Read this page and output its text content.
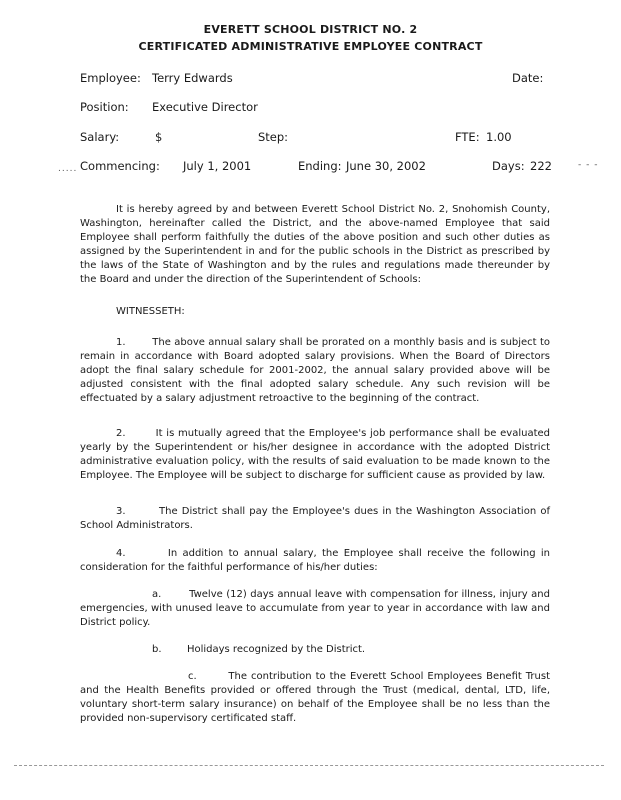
EVERETT SCHOOL DISTRICT NO. 2
CERTIFICATED ADMINISTRATIVE EMPLOYEE CONTRACT
Employee: Terry Edwards	Date:
Position: Executive Director
Salary:	$	Step:	FTE: 1.00
..... Commencing: July 1, 2001	Ending: June 30, 2002	Days: 222	- - -
It is hereby agreed by and between Everett School District No. 2, Snohomish County, Washington, hereinafter called the District, and the above-named Employee that said Employee shall perform faithfully the duties of the above position and such other duties as assigned by the Superintendent in and for the public schools in the District as prescribed by the laws of the State of Washington and by the rules and regulations made thereunder by the Board and under the direction of the Superintendent of Schools:
WITNESSETH:
1.        The above annual salary shall be prorated on a monthly basis and is subject to remain in accordance with Board adopted salary provisions. When the Board of Directors adopt the final salary schedule for 2001-2002, the annual salary provided above will be adjusted consistent with the final adopted salary schedule. Any such revision will be effectuated by a salary adjustment retroactive to the beginning of the contract.
2.        It is mutually agreed that the Employee's job performance shall be evaluated yearly by the Superintendent or his/her designee in accordance with the adopted District administrative evaluation policy, with the results of said evaluation to be made known to the Employee. The Employee will be subject to discharge for sufficient cause as provided by law.
3.        The District shall pay the Employee's dues in the Washington Association of School Administrators.
4.        In addition to annual salary, the Employee shall receive the following in consideration for the faithful performance of his/her duties:
a.        Twelve (12) days annual leave with compensation for illness, injury and emergencies, with unused leave to accumulate from year to year in accordance with law and District policy.
b.        Holidays recognized by the District.
c.        The contribution to the Everett School Employees Benefit Trust and the Health Benefits provided or offered through the Trust (medical, dental, LTD, life, voluntary short-term salary insurance) on behalf of the Employee shall be no less than the provided non-supervisory certificated staff.
